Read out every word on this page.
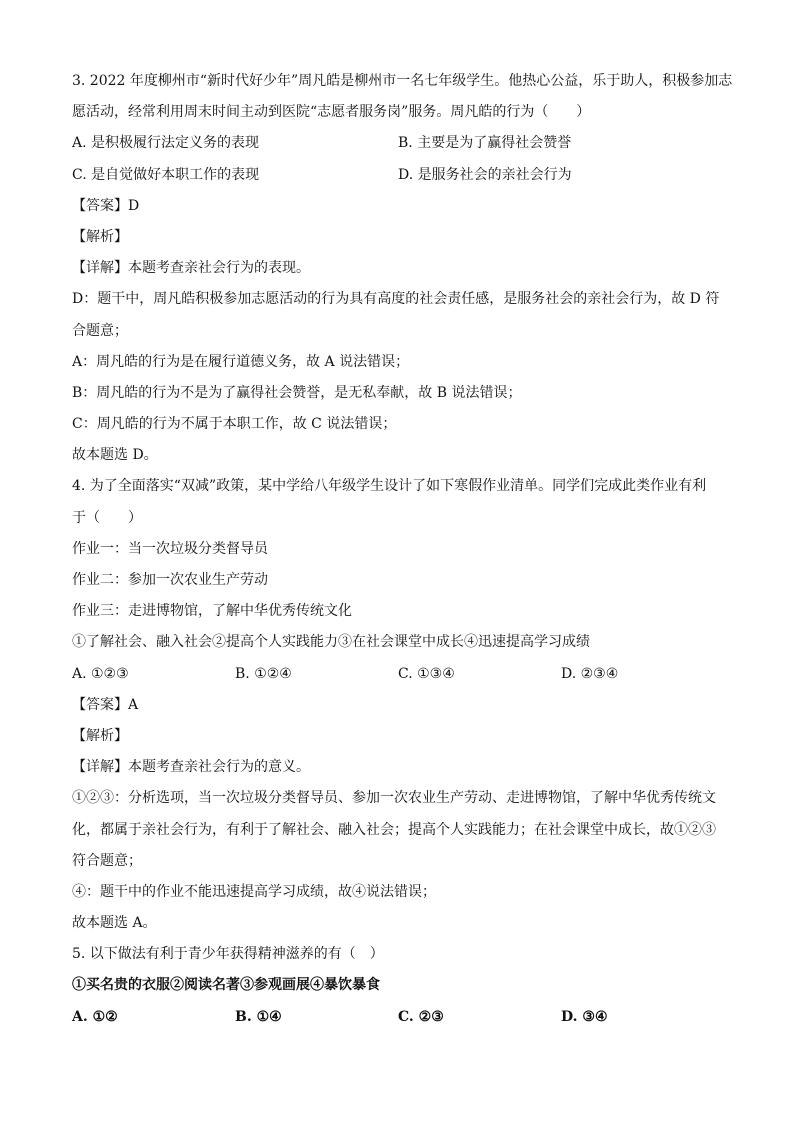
3. 2022 年度柳州市“新时代好少年”周凡皓是柳州市一名七年级学生。他热心公益，乐于助人，积极参加志
愿活动，经常利用周末时间主动到医院“志愿者服务岗”服务。周凡皓的行为（　　）
A. 是积极履行法定义务的表现	B. 主要是为了赢得社会赞誉
C. 是自觉做好本职工作的表现	D. 是服务社会的亲社会行为
【答案】D
【解析】
【详解】本题考查亲社会行为的表现。
D：题干中，周凡皓积极参加志愿活动的行为具有高度的社会责任感，是服务社会的亲社会行为，故 D 符
合题意；
A：周凡皓的行为是在履行道德义务，故 A 说法错误；
B：周凡皓的行为不是为了赢得社会赞誉，是无私奉献，故 B 说法错误；
C：周凡皓的行为不属于本职工作，故 C 说法错误；
故本题选 D。
4. 为了全面落实“双减”政策，某中学给八年级学生设计了如下寒假作业清单。同学们完成此类作业有利
于（　　）
作业一：当一次垃圾分类督导员
作业二：参加一次农业生产劳动
作业三：走进博物馆，了解中华优秀传统文化
①了解社会、融入社会②提高个人实践能力③在社会课堂中成长④迅速提高学习成绩
A. ①②③	B. ①②④	C. ①③④	D. ②③④
【答案】A
【解析】
【详解】本题考查亲社会行为的意义。
①②③：分析选项，当一次垃圾分类督导员、参加一次农业生产劳动、走进博物馆，了解中华优秀传统文
化，都属于亲社会行为，有利于了解社会、融入社会；提高个人实践能力；在社会课堂中成长，故①②③
符合题意；
④：题干中的作业不能迅速提高学习成绩，故④说法错误；
故本题选 A。
5. 以下做法有利于青少年获得精神滋养的有（　）
①买名贵的衣服②阅读名著③参观画展④暴饮暴食
A. ①②	B. ①④	C. ②③	D. ③④
